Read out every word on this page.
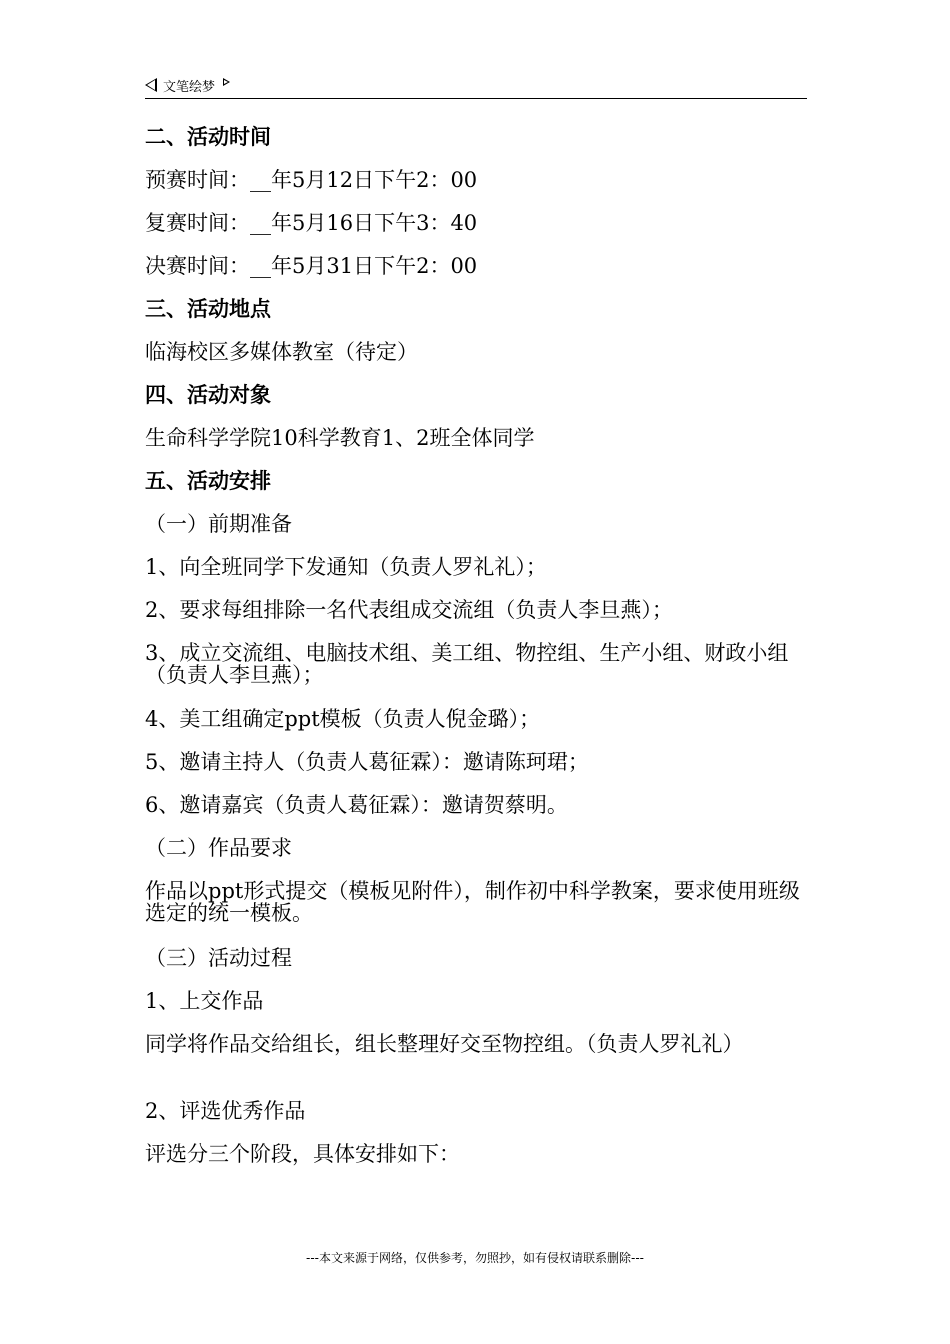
文笔绘梦

二、活动时间

预赛时间：__年5月12日下午2：00

复赛时间：__年5月16日下午3：40

决赛时间：__年5月31日下午2：00

三、活动地点

临海校区多媒体教室（待定）

四、活动对象

生命科学学院10科学教育1、2班全体同学

五、活动安排

（一）前期准备

1、向全班同学下发通知（负责人罗礼礼）；

2、要求每组排除一名代表组成交流组（负责人李旦燕）；

3、成立交流组、电脑技术组、美工组、物控组、生产小组、财政小组（负责人李旦燕）；

4、美工组确定ppt模板（负责人倪金璐）；

5、邀请主持人（负责人葛征霖）：邀请陈珂珺；

6、邀请嘉宾（负责人葛征霖）：邀请贺蔡明。

（二）作品要求

作品以ppt形式提交（模板见附件），制作初中科学教案，要求使用班级选定的统一模板。

（三）活动过程

1、上交作品

同学将作品交给组长，组长整理好交至物控组。（负责人罗礼礼）

2、评选优秀作品

评选分三个阶段，具体安排如下：

---本文来源于网络，仅供参考，勿照抄，如有侵权请联系删除---
